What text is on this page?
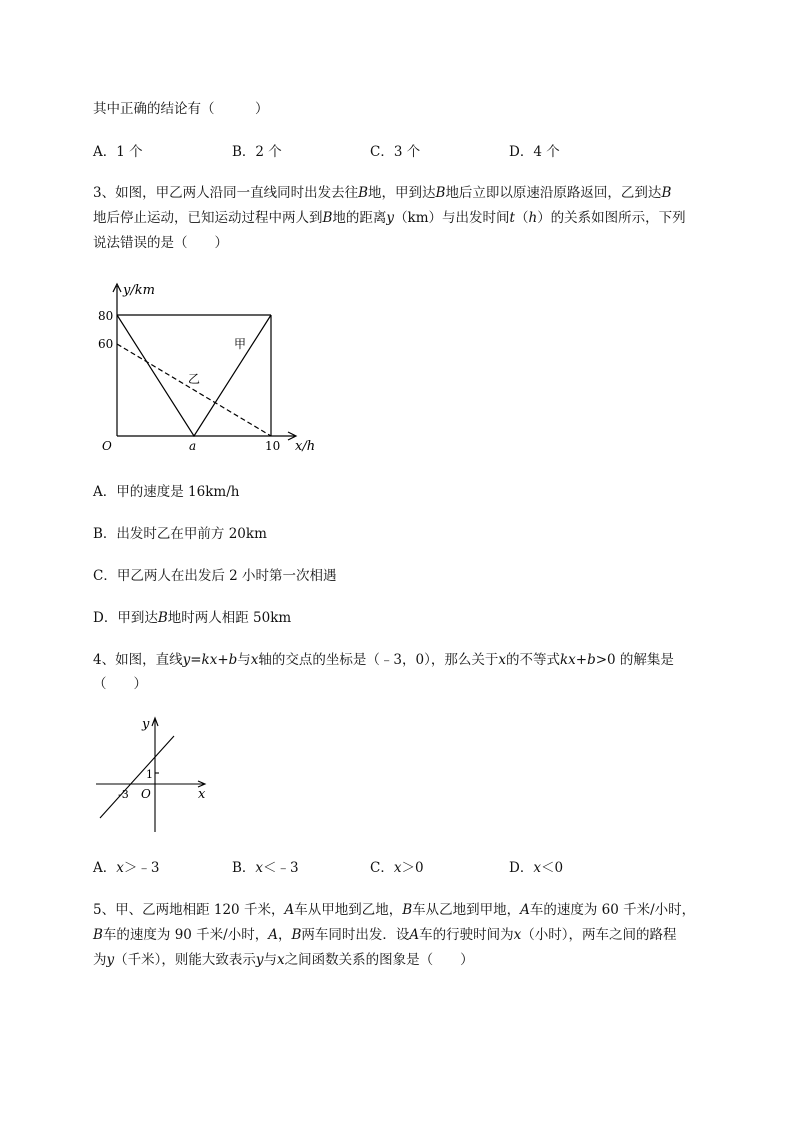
其中正确的结论有（　　　）
A．1 个	B．2 个	C．3 个	D．4 个
3、如图，甲乙两人沿同一直线同时出发去往B地，甲到达B地后立即以原速沿原路返回，乙到达B
地后停止运动，已知运动过程中两人到B地的距离y（km）与出发时间t（h）的关系如图所示，下列
说法错误的是（　　）
y/km
80
60
O	a	10 x/h
甲
乙
A．甲的速度是 16km/h
B．出发时乙在甲前方 20km
C．甲乙两人在出发后 2 小时第一次相遇
D．甲到达B地时两人相距 50km
4、如图，直线y=kx+b与x轴的交点的坐标是（﹣3，0），那么关于x的不等式kx+b>0 的解集是
（　　）
y
x
O
1
-3
A．x＞﹣3	B．x＜﹣3	C．x＞0	D．x＜0
5、甲、乙两地相距 120 千米，A车从甲地到乙地，B车从乙地到甲地，A车的速度为 60 千米/小时，
B车的速度为 90 千米/小时，A，B两车同时出发．设A车的行驶时间为x（小时），两车之间的路程
为y（千米），则能大致表示y与x之间函数关系的图象是（　　）
